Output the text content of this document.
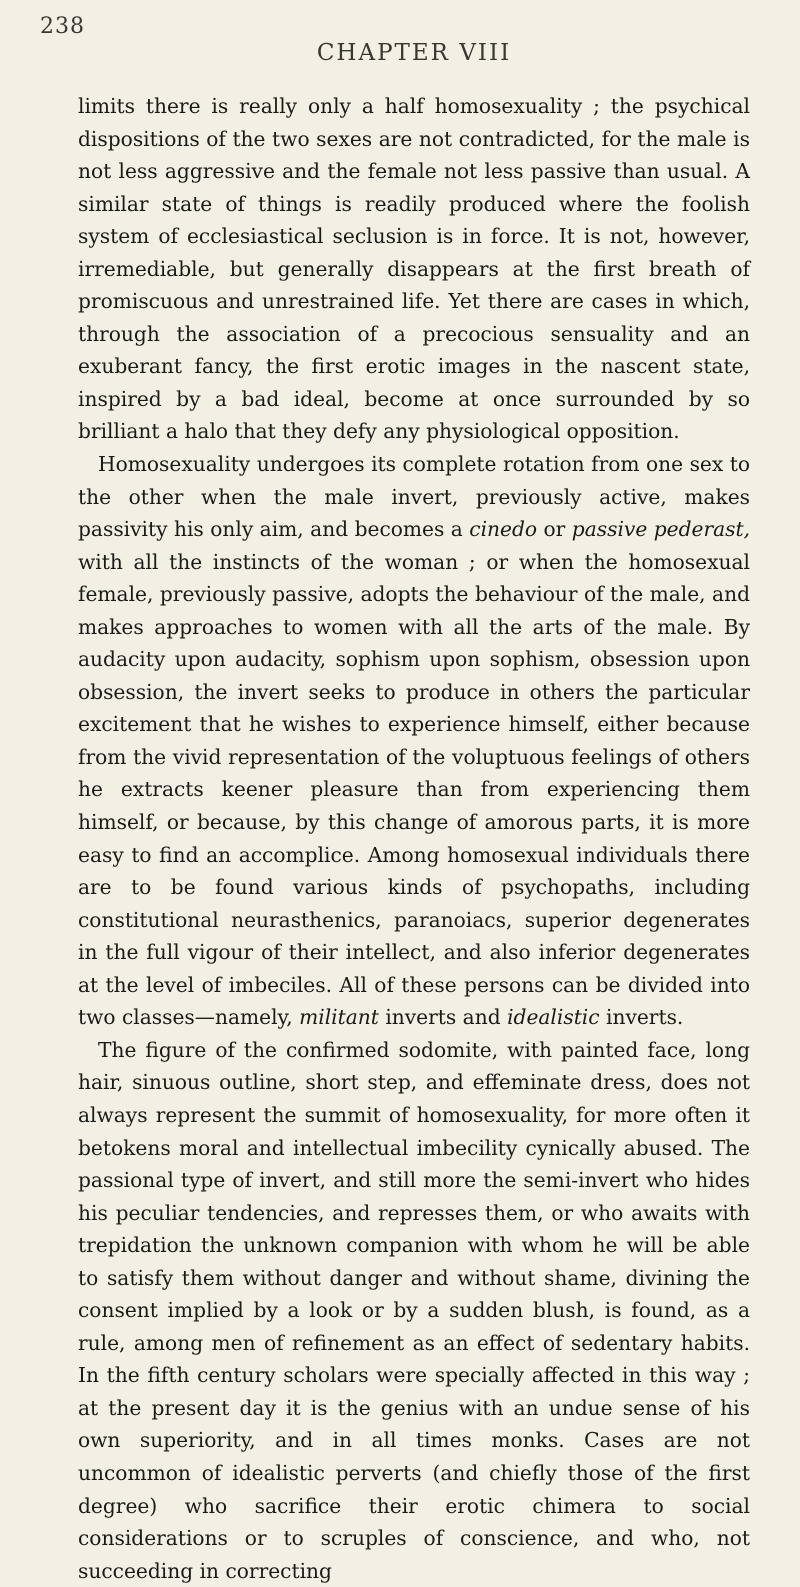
238
CHAPTER VIII

limits there is really only a half homosexuality ; the psychical dispositions of the two sexes are not contradicted, for the male is not less aggressive and the female not less passive than usual. A similar state of things is readily produced where the foolish system of ecclesiastical seclusion is in force. It is not, however, irremediable, but generally disappears at the first breath of promiscuous and unrestrained life. Yet there are cases in which, through the association of a precocious sensuality and an exuberant fancy, the first erotic images in the nascent state, inspired by a bad ideal, become at once surrounded by so brilliant a halo that they defy any physiological opposition.

Homosexuality undergoes its complete rotation from one sex to the other when the male invert, previously active, makes passivity his only aim, and becomes a cinedo or passive pederast, with all the instincts of the woman ; or when the homosexual female, previously passive, adopts the behaviour of the male, and makes approaches to women with all the arts of the male. By audacity upon audacity, sophism upon sophism, obsession upon obsession, the invert seeks to produce in others the particular excitement that he wishes to experience himself, either because from the vivid representation of the voluptuous feelings of others he extracts keener pleasure than from experiencing them himself, or because, by this change of amorous parts, it is more easy to find an accomplice. Among homosexual individuals there are to be found various kinds of psychopaths, including constitutional neurasthenics, paranoiacs, superior degenerates in the full vigour of their intellect, and also inferior degenerates at the level of imbeciles. All of these persons can be divided into two classes—namely, militant inverts and idealistic inverts.

The figure of the confirmed sodomite, with painted face, long hair, sinuous outline, short step, and effeminate dress, does not always represent the summit of homosexuality, for more often it betokens moral and intellectual imbecility cynically abused. The passional type of invert, and still more the semi-invert who hides his peculiar tendencies, and represses them, or who awaits with trepidation the unknown companion with whom he will be able to satisfy them without danger and without shame, divining the consent implied by a look or by a sudden blush, is found, as a rule, among men of refinement as an effect of sedentary habits. In the fifth century scholars were specially affected in this way ; at the present day it is the genius with an undue sense of his own superiority, and in all times monks. Cases are not uncommon of idealistic perverts (and chiefly those of the first degree) who sacrifice their erotic chimera to social considerations or to scruples of conscience, and who, not succeeding in correcting
